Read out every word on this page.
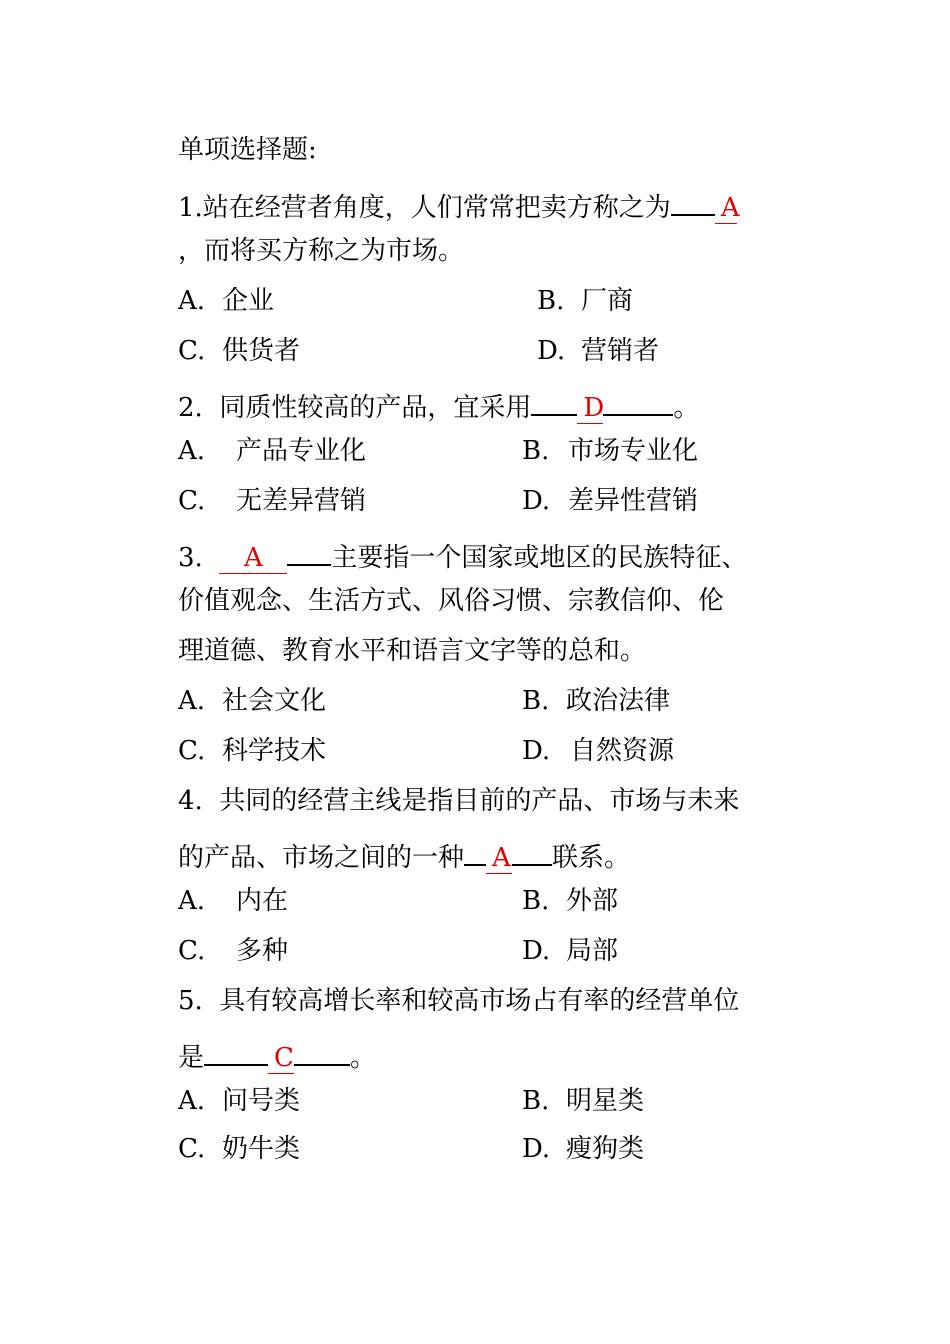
单项选择题:
1.站在经营者角度，人们常常把卖方称之为 A
，而将买方称之为市场。
A. 企业	B. 厂商
C. 供货者	D. 营销者
2.  同质性较高的产品，宜采用 D	。
A. 产品专业化	B. 市场专业化
C. 无差异营销	D. 差异性营销
3.  A	主要指一个国家或地区的民族特征、
价值观念、生活方式、风俗习惯、宗教信仰、伦
理道德、教育水平和语言文字等的总和。
A. 社会文化	B. 政治法律
C. 科学技术	D. 自然资源
4.  共同的经营主线是指目前的产品、市场与未来
的产品、市场之间的一种 A 联系。
A. 内在	B. 外部
C. 多种	D. 局部
5.  具有较高增长率和较高市场占有率的经营单位
是	C 。
A. 问号类	B. 明星类
C. 奶牛类	D. 瘦狗类
